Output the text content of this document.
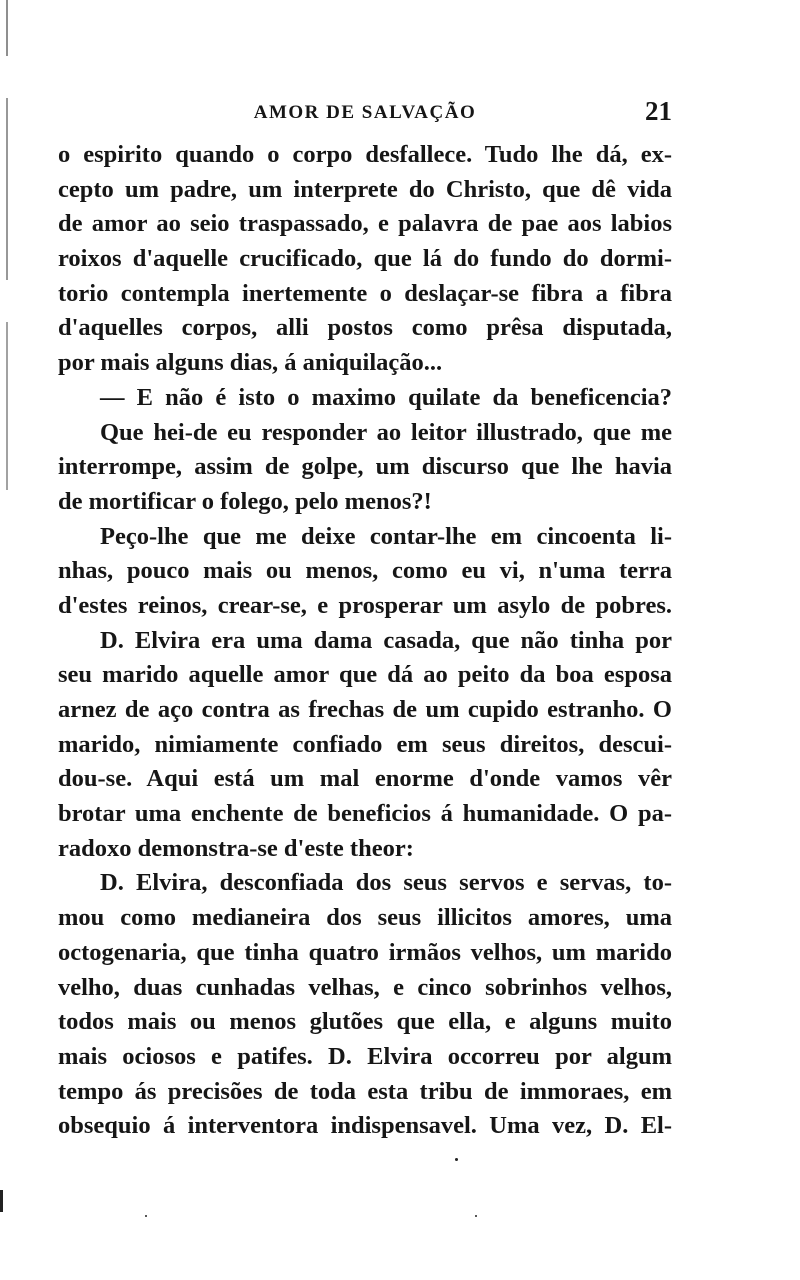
AMOR DE SALVAÇÃO	21
o espirito quando o corpo desfallece. Tudo lhe dá, ex-
cepto um padre, um interprete do Christo, que dê vida
de amor ao seio traspassado, e palavra de pae aos labios
roixos d'aquelle crucificado, que lá do fundo do dormi-
torio contempla inertemente o deslaçar-se fibra a fibra
d'aquelles corpos, alli postos como prêsa disputada,
por mais alguns dias, á aniquilação...
— E não é isto o maximo quilate da beneficencia?
Que hei-de eu responder ao leitor illustrado, que me
interrompe, assim de golpe, um discurso que lhe havia
de mortificar o folego, pelo menos?!
Peço-lhe que me deixe contar-lhe em cincoenta li-
nhas, pouco mais ou menos, como eu vi, n'uma terra
d'estes reinos, crear-se, e prosperar um asylo de pobres.
D. Elvira era uma dama casada, que não tinha por
seu marido aquelle amor que dá ao peito da boa esposa
arnez de aço contra as frechas de um cupido estranho. O
marido, nimiamente confiado em seus direitos, descui-
dou-se. Aqui está um mal enorme d'onde vamos vêr
brotar uma enchente de beneficios á humanidade. O pa-
radoxo demonstra-se d'este theor:
D. Elvira, desconfiada dos seus servos e servas, to-
mou como medianeira dos seus illicitos amores, uma
octogenaria, que tinha quatro irmãos velhos, um marido
velho, duas cunhadas velhas, e cinco sobrinhos velhos,
todos mais ou menos glutões que ella, e alguns muito
mais ociosos e patifes. D. Elvira occorreu por algum
tempo ás precisões de toda esta tribu de immoraes, em
obsequio á interventora indispensavel. Uma vez, D. El-
